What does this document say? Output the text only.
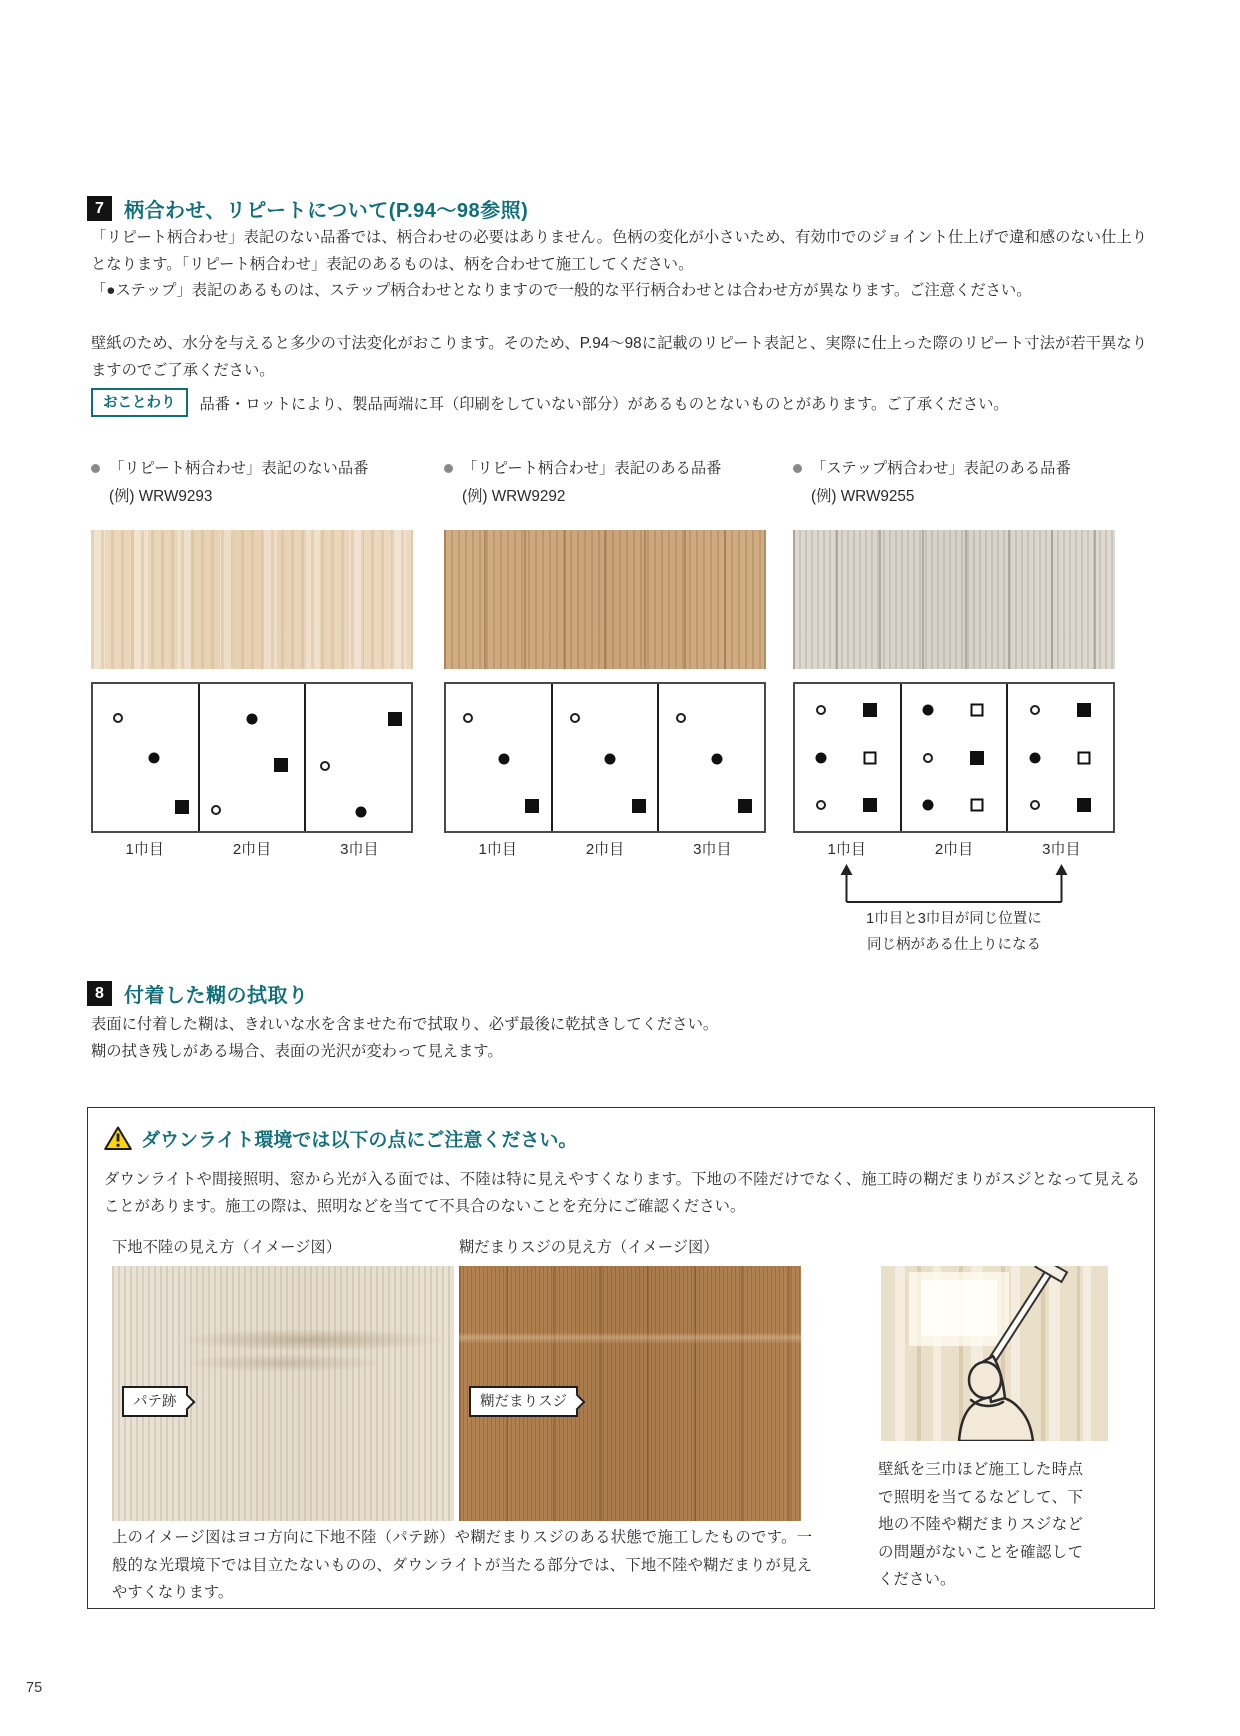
7	柄合わせ、リピートについて(P.94〜98参照)
「リピート柄合わせ」表記のない品番では、柄合わせの必要はありません。色柄の変化が小さいため、有効巾でのジョイント仕上げで違和感のない仕上りとなります。「リピート柄合わせ」表記のあるものは、柄を合わせて施工してください。
「●ステップ」表記のあるものは、ステップ柄合わせとなりますので一般的な平行柄合わせとは合わせ方が異なります。ご注意ください。
壁紙のため、水分を与えると多少の寸法変化がおこります。そのため、P.94〜98に記載のリピート表記と、実際に仕上った際のリピート寸法が若干異なりますのでご了承ください。
おことわり	品番・ロットにより、製品両端に耳（印刷をしていない部分）があるものとないものとがあります。ご了承ください。
「リピート柄合わせ」表記のない品番
(例) WRW9293
1巾目	2巾目	3巾目
「リピート柄合わせ」表記のある品番
(例) WRW9292
1巾目	2巾目	3巾目
「ステップ柄合わせ」表記のある品番
(例) WRW9255
1巾目	2巾目	3巾目
1巾目と3巾目が同じ位置に
同じ柄がある仕上りになる
8	付着した糊の拭取り
表面に付着した糊は、きれいな水を含ませた布で拭取り、必ず最後に乾拭きしてください。
糊の拭き残しがある場合、表面の光沢が変わって見えます。
ダウンライト環境では以下の点にご注意ください。
ダウンライトや間接照明、窓から光が入る面では、不陸は特に見えやすくなります。下地の不陸だけでなく、施工時の糊だまりがスジとなって見えることがあります。施工の際は、照明などを当てて不具合のないことを充分にご確認ください。
下地不陸の見え方（イメージ図）	糊だまりスジの見え方（イメージ図）
パテ跡	糊だまりスジ
壁紙を三巾ほど施工した時点で照明を当てるなどして、下地の不陸や糊だまりスジなどの問題がないことを確認してください。
上のイメージ図はヨコ方向に下地不陸（パテ跡）や糊だまりスジのある状態で施工したものです。一般的な光環境下では目立たないものの、ダウンライトが当たる部分では、下地不陸や糊だまりが見えやすくなります。
75
